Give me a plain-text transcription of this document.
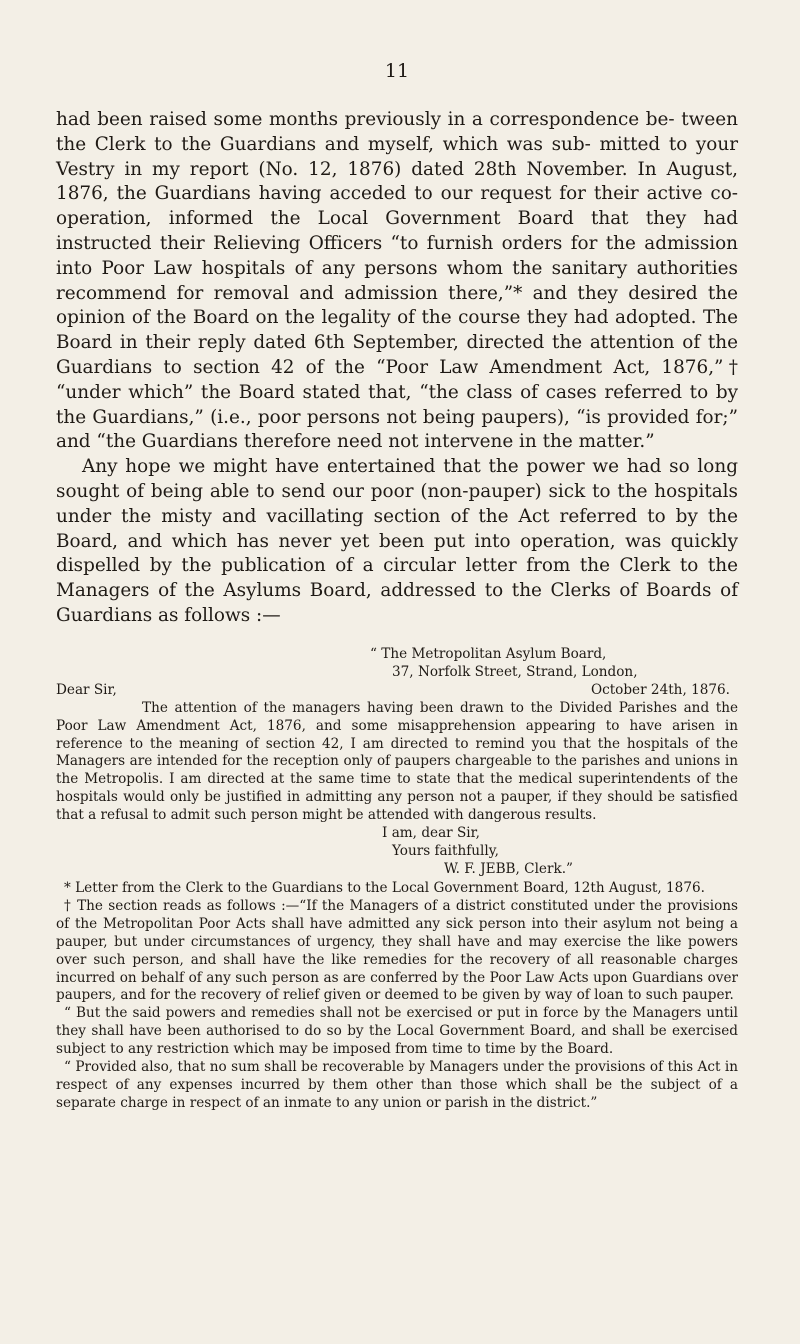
11

had been raised some months previously in a correspondence be- tween the Clerk to the Guardians and myself, which was sub- mitted to your Vestry in my report (No. 12, 1876) dated 28th November. In August, 1876, the Guardians having acceded to our request for their active co-operation, informed the Local Government Board that they had instructed their Relieving Officers “to furnish orders for the admission into Poor Law hospitals of any persons whom the sanitary authorities recommend for removal and admission there,”* and they desired the opinion of the Board on the legality of the course they had adopted. The Board in their reply dated 6th September, directed the attention of the Guardians to section 42 of the “Poor Law Amendment Act, 1876,”† “under which” the Board stated that, “the class of cases referred to by the Guardians,” (i.e., poor persons not being paupers), “is provided for;” and “the Guardians therefore need not intervene in the matter.”

Any hope we might have entertained that the power we had so long sought of being able to send our poor (non-pauper) sick to the hospitals under the misty and vacillating section of the Act referred to by the Board, and which has never yet been put into operation, was quickly dispelled by the publication of a circular letter from the Clerk to the Managers of the Asylums Board, addressed to the Clerks of Boards of Guardians as follows :—

“ The Metropolitan Asylum Board,
37, Norfolk Street, Strand, London,
Dear Sir,	October 24th, 1876.

The attention of the managers having been drawn to the Divided Parishes and the Poor Law Amendment Act, 1876, and some misapprehension appearing to have arisen in reference to the meaning of section 42, I am directed to remind you that the hospitals of the Managers are intended for the reception only of paupers chargeable to the parishes and unions in the Metropolis. I am directed at the same time to state that the medical superintendents of the hospitals would only be justified in admitting any person not a pauper, if they should be satisfied that a refusal to admit such person might be attended with dangerous results.

I am, dear Sir,
Yours faithfully,
W. F. JEBB, Clerk.”

* Letter from the Clerk to the Guardians to the Local Government Board, 12th August, 1876.

† The section reads as follows :—“If the Managers of a district constituted under the provisions of the Metropolitan Poor Acts shall have admitted any sick person into their asylum not being a pauper, but under circumstances of urgency, they shall have and may exercise the like powers over such person, and shall have the like remedies for the recovery of all reasonable charges incurred on behalf of any such person as are conferred by the Poor Law Acts upon Guardians over paupers, and for the recovery of relief given or deemed to be given by way of loan to such pauper.

“ But the said powers and remedies shall not be exercised or put in force by the Managers until they shall have been authorised to do so by the Local Government Board, and shall be exercised subject to any restriction which may be imposed from time to time by the Board.

“ Provided also, that no sum shall be recoverable by Managers under the provisions of this Act in respect of any expenses incurred by them other than those which shall be the subject of a separate charge in respect of an inmate to any union or parish in the district.”
